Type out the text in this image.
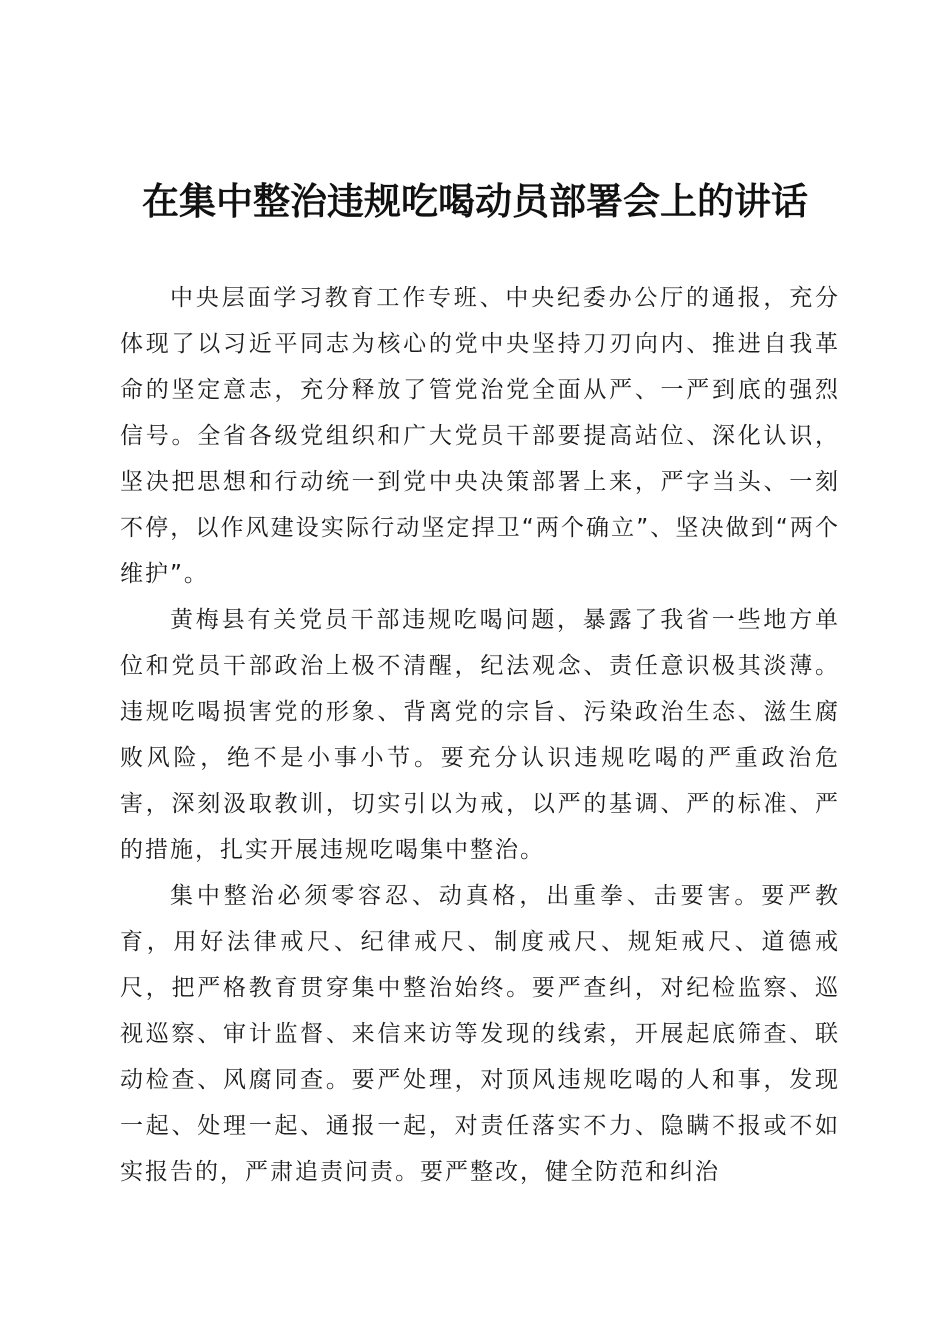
在集中整治违规吃喝动员部署会上的讲话

中央层面学习教育工作专班、中央纪委办公厅的通报，充分体现了以习近平同志为核心的党中央坚持刀刃向内、推进自我革命的坚定意志，充分释放了管党治党全面从严、一严到底的强烈信号。全省各级党组织和广大党员干部要提高站位、深化认识，坚决把思想和行动统一到党中央决策部署上来，严字当头、一刻不停，以作风建设实际行动坚定捍卫“两个确立”、坚决做到“两个维护”。

黄梅县有关党员干部违规吃喝问题，暴露了我省一些地方单位和党员干部政治上极不清醒，纪法观念、责任意识极其淡薄。违规吃喝损害党的形象、背离党的宗旨、污染政治生态、滋生腐败风险，绝不是小事小节。要充分认识违规吃喝的严重政治危害，深刻汲取教训，切实引以为戒，以严的基调、严的标准、严的措施，扎实开展违规吃喝集中整治。

集中整治必须零容忍、动真格，出重拳、击要害。要严教育，用好法律戒尺、纪律戒尺、制度戒尺、规矩戒尺、道德戒尺，把严格教育贯穿集中整治始终。要严查纠，对纪检监察、巡视巡察、审计监督、来信来访等发现的线索，开展起底筛查、联动检查、风腐同查。要严处理，对顶风违规吃喝的人和事，发现一起、处理一起、通报一起，对责任落实不力、隐瞒不报或不如实报告的，严肃追责问责。要严整改，健全防范和纠治
